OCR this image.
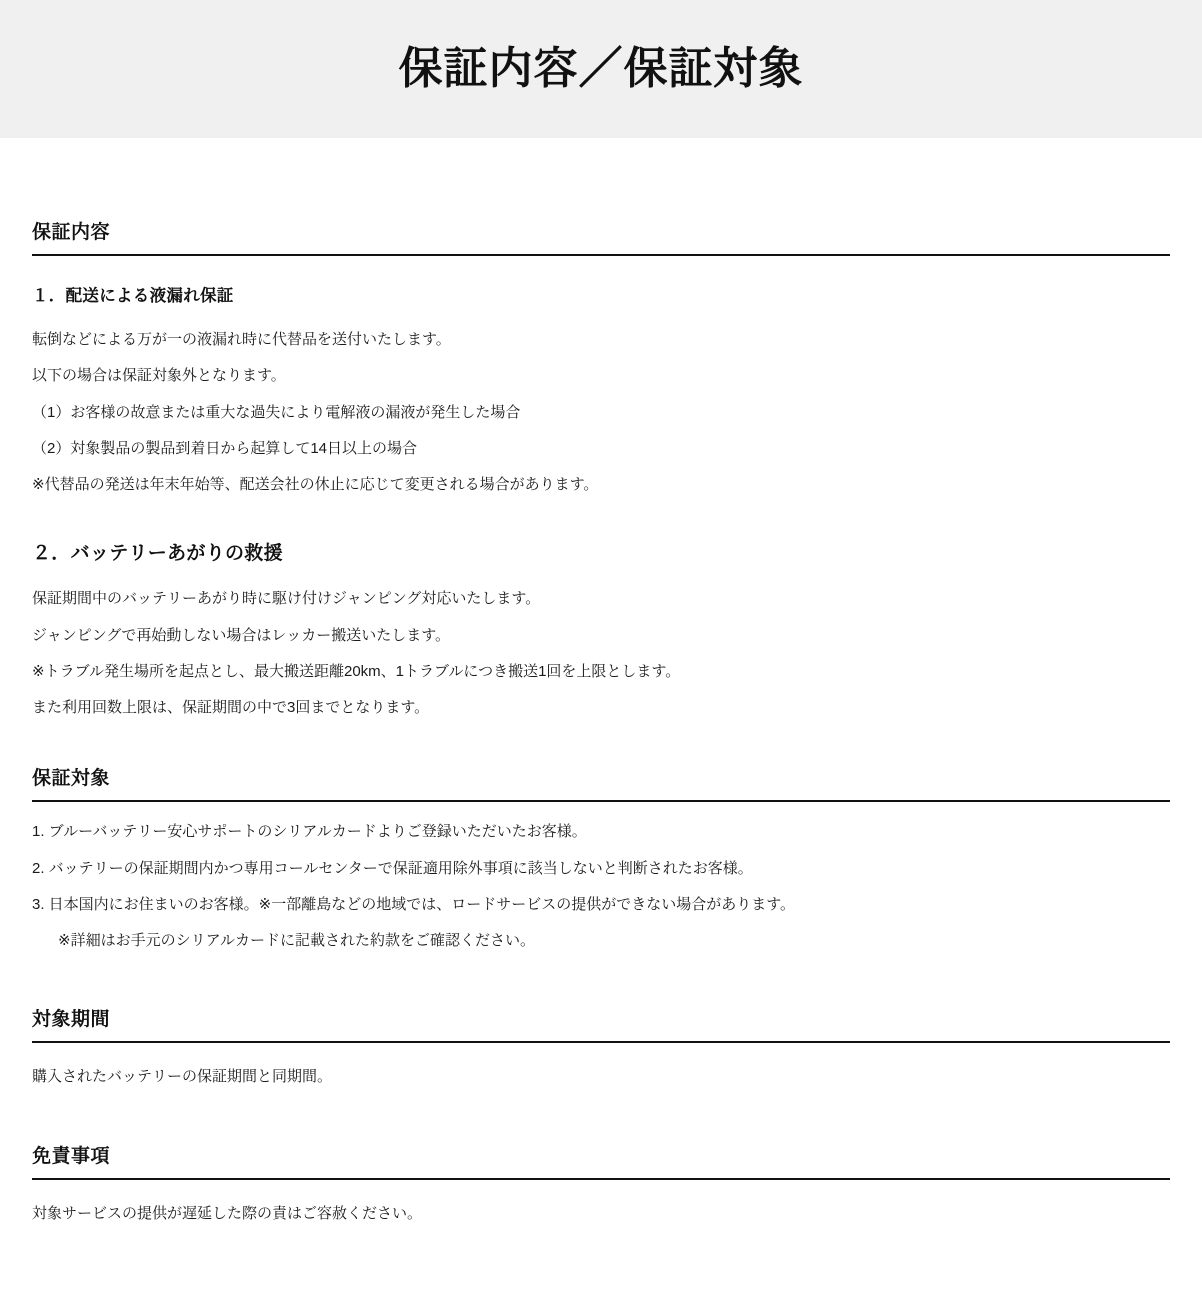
保証内容／保証対象
保証内容
１．配送による液漏れ保証

転倒などによる万が一の液漏れ時に代替品を送付いたします。

以下の場合は保証対象外となります。

（1）お客様の故意または重大な過失により電解液の漏液が発生した場合

（2）対象製品の製品到着日から起算して14日以上の場合

※代替品の発送は年末年始等、配送会社の休止に応じて変更される場合があります。

２．バッテリーあがりの救援

保証期間中のバッテリーあがり時に駆け付けジャンピング対応いたします。

ジャンピングで再始動しない場合はレッカー搬送いたします。

※トラブル発生場所を起点とし、最大搬送距離20km、1トラブルにつき搬送1回を上限とします。

また利用回数上限は、保証期間の中で3回までとなります。

保証対象
1. ブルーバッテリー安心サポートのシリアルカードよりご登録いただいたお客様。
2. バッテリーの保証期間内かつ専用コールセンターで保証適用除外事項に該当しないと判断されたお客様。
3. 日本国内にお住まいのお客様。※一部離島などの地域では、ロードサービスの提供ができない場合があります。
※詳細はお手元のシリアルカードに記載された約款をご確認ください。
対象期間

購入されたバッテリーの保証期間と同期間。

免責事項

対象サービスの提供が遅延した際の責はご容赦ください。
